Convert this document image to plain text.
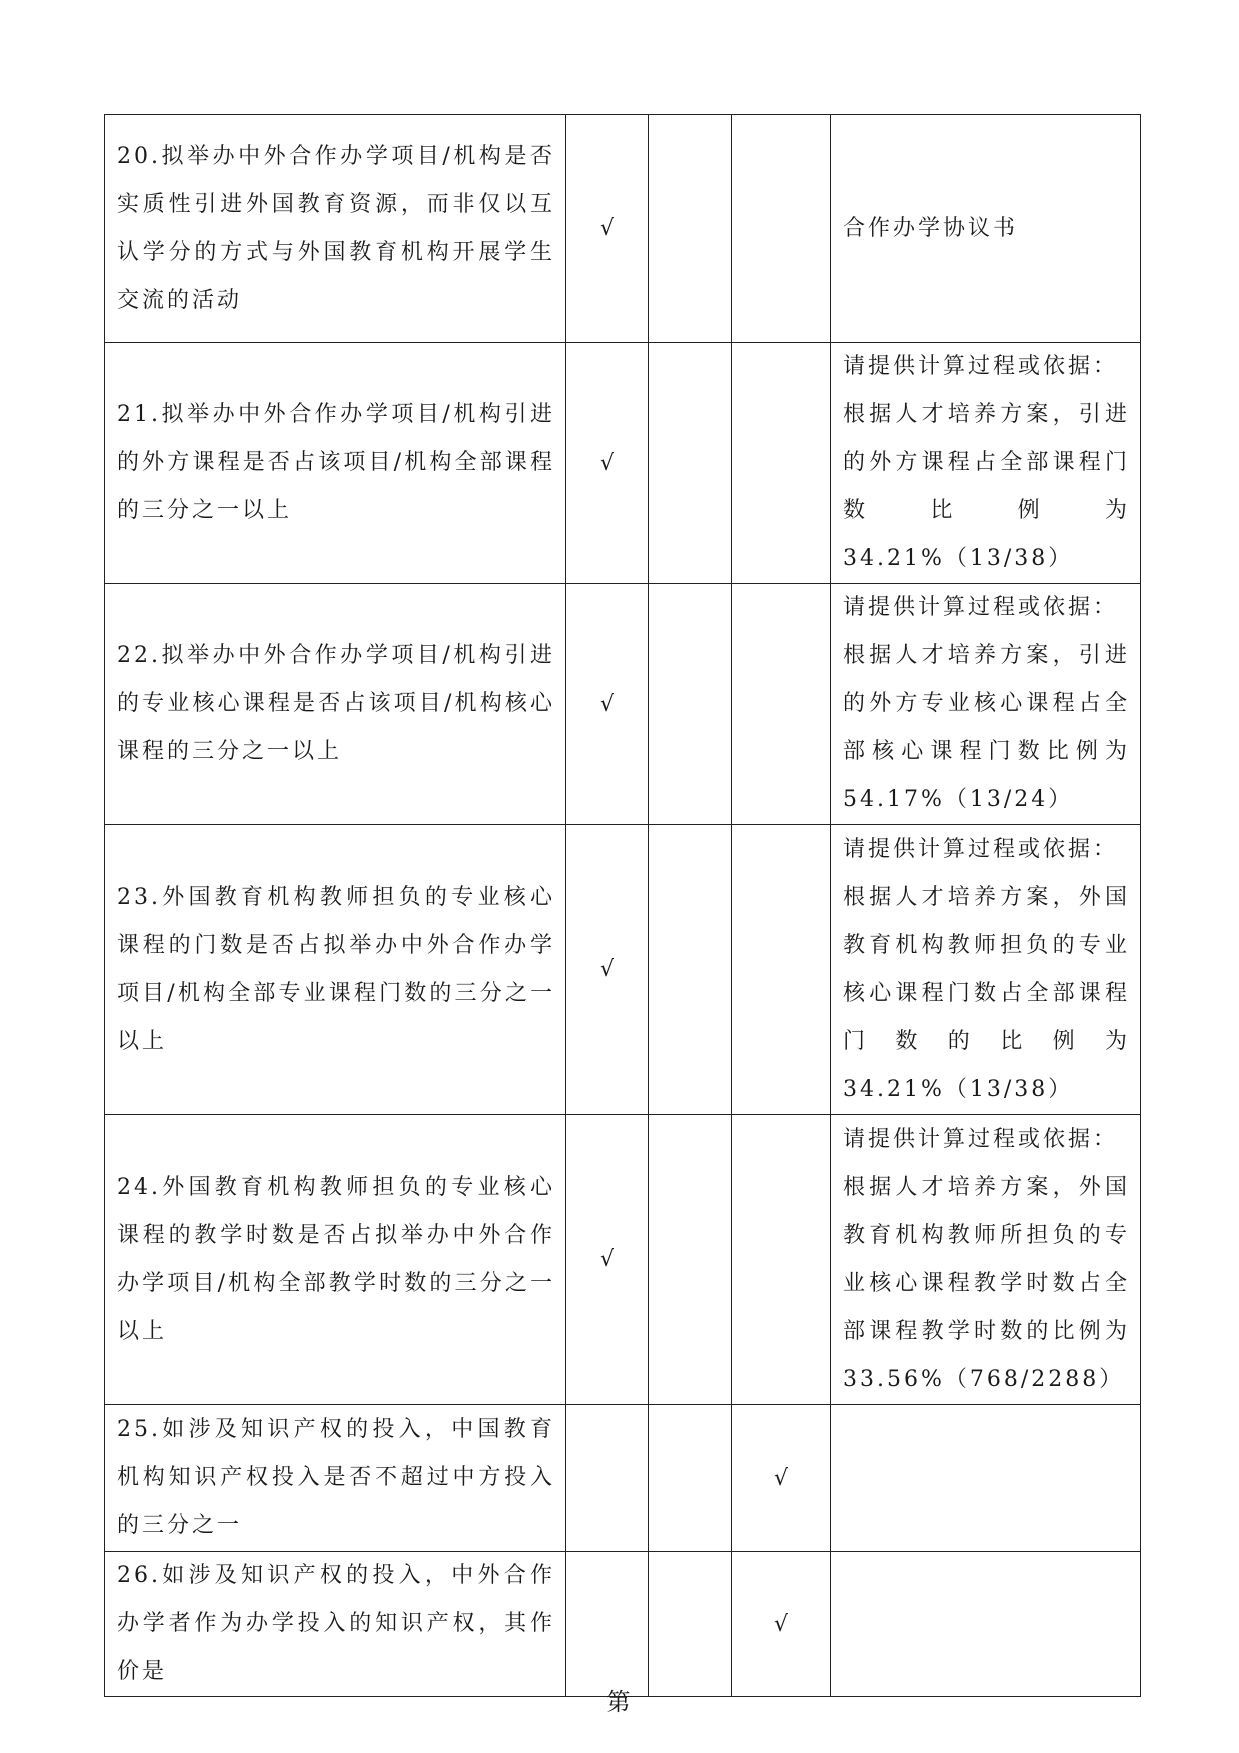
20.拟举办中外合作办学项目/机构是否实质性引进外国教育资源，而非仅以互认学分的方式与外国教育机构开展学生交流的活动	√			合作办学协议书

21.拟举办中外合作办学项目/机构引进的外方课程是否占该项目/机构全部课程的三分之一以上	√			请提供计算过程或依据：
根据人才培养方案，引进的外方课程占全部课程门数比例为 34.21%（13/38）

22.拟举办中外合作办学项目/机构引进的专业核心课程是否占该项目/机构核心课程的三分之一以上	√			请提供计算过程或依据：
根据人才培养方案，引进的外方专业核心课程占全部核心课程门数比例为 54.17%（13/24）

23.外国教育机构教师担负的专业核心课程的门数是否占拟举办中外合作办学项目/机构全部专业课程门数的三分之一以上	√			请提供计算过程或依据：
根据人才培养方案，外国教育机构教师担负的专业核心课程门数占全部课程门数的比例为 34.21%（13/38）

24.外国教育机构教师担负的专业核心课程的教学时数是否占拟举办中外合作办学项目/机构全部教学时数的三分之一以上	√			请提供计算过程或依据：
根据人才培养方案，外国教育机构教师所担负的专业核心课程教学时数占全部课程教学时数的比例为 33.56%（768/2288）

25.如涉及知识产权的投入，中国教育机构知识产权投入是否不超过中方投入的三分之一			√	

26.如涉及知识产权的投入，中外合作办学者作为办学投入的知识产权，其作价是			√	

第
